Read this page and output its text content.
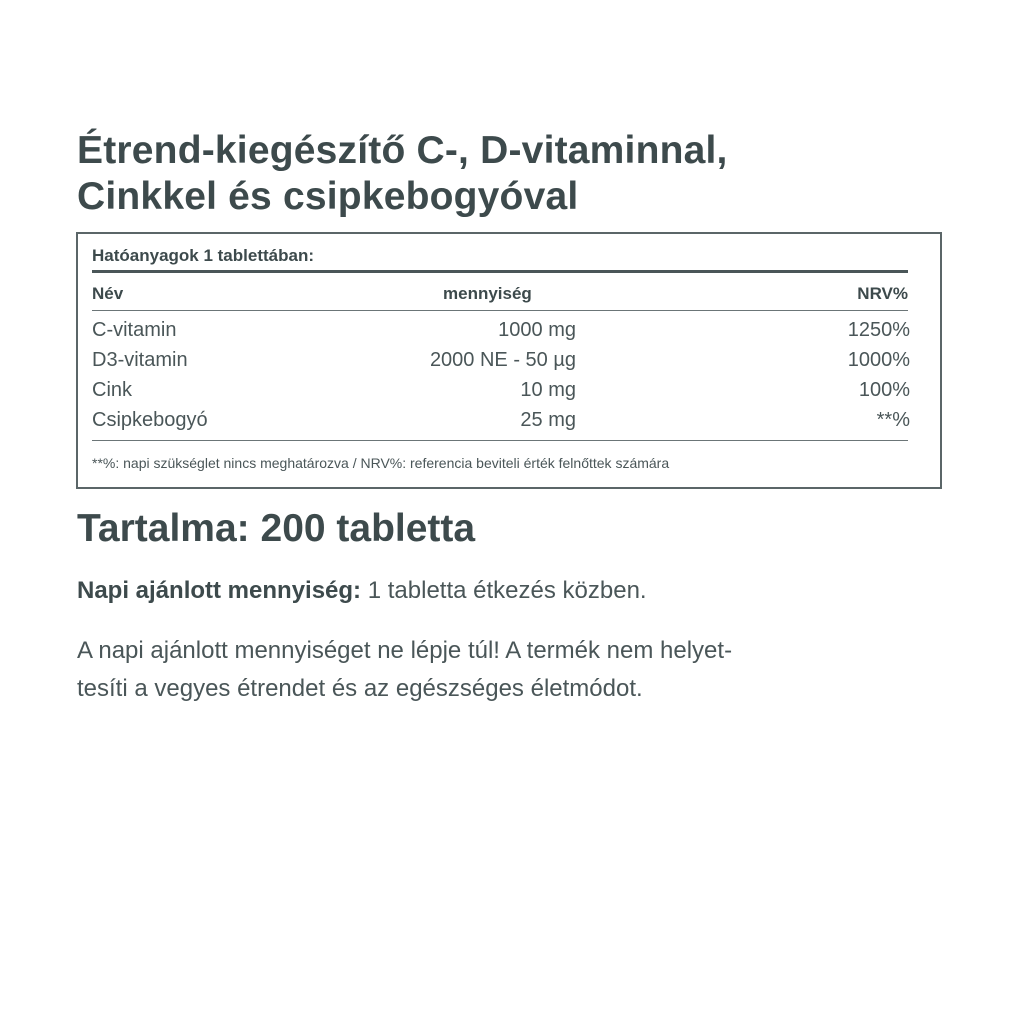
Étrend-kiegészítő C-, D-vitaminnal,
Cinkkel és csipkebogyóval
Hatóanyagok 1 tablettában:
Név	mennyiség	NRV%
C-vitamin	1000 mg	1250%
D3-vitamin	2000 NE - 50 µg	1000%
Cink	10 mg	100%
Csipkebogyó	25 mg	**%
**%: napi szükséglet nincs meghatározva / NRV%: referencia beviteli érték felnőttek számára
Tartalma: 200 tabletta

Napi ajánlott mennyiség: 1 tabletta étkezés közben.

A napi ajánlott mennyiséget ne lépje túl! A termék nem helyet-
tesíti a vegyes étrendet és az egészséges életmódot.
